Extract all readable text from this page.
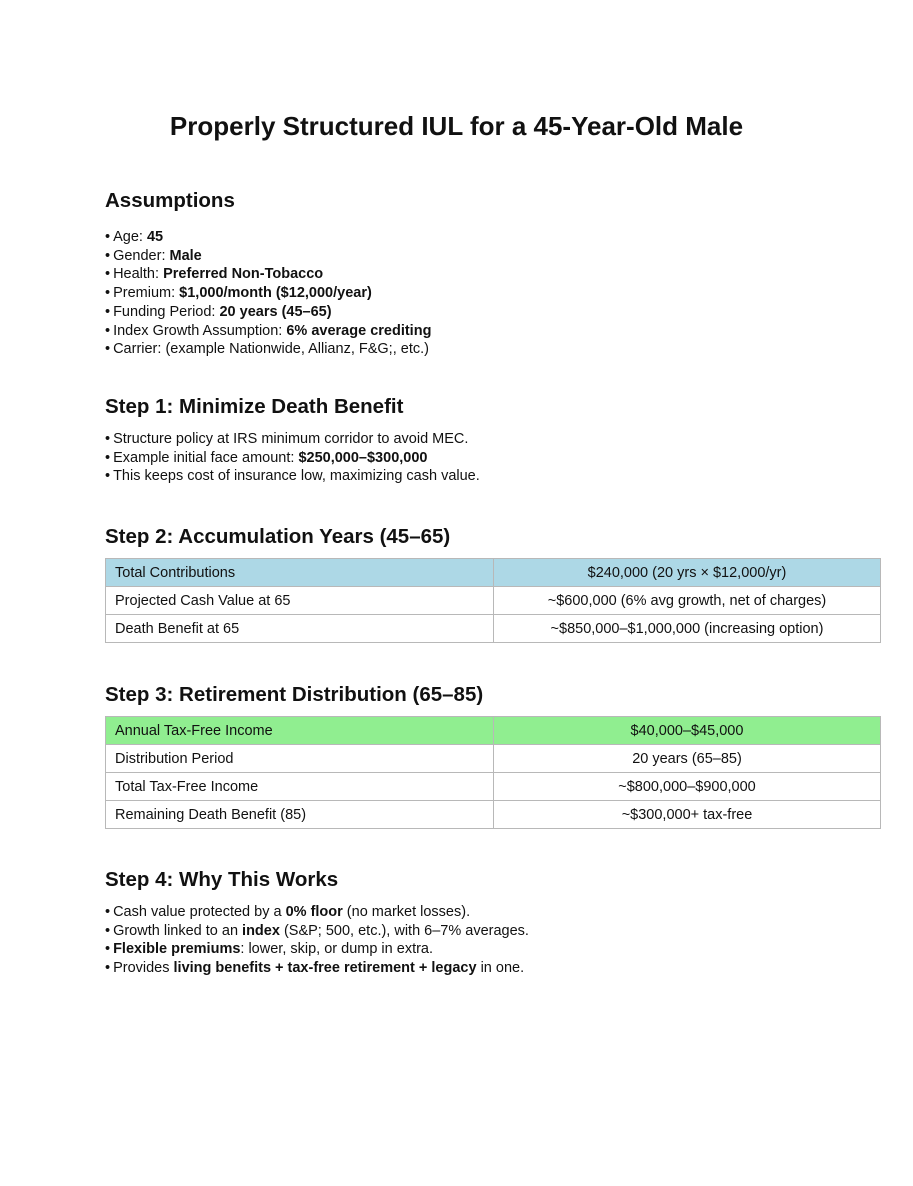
Properly Structured IUL for a 45-Year-Old Male
Assumptions
• Age: 45
• Gender: Male
• Health: Preferred Non-Tobacco
• Premium: $1,000/month ($12,000/year)
• Funding Period: 20 years (45–65)
• Index Growth Assumption: 6% average crediting
• Carrier: (example Nationwide, Allianz, F&G;, etc.)
Step 1: Minimize Death Benefit
• Structure policy at IRS minimum corridor to avoid MEC.
• Example initial face amount: $250,000–$300,000
• This keeps cost of insurance low, maximizing cash value.
Step 2: Accumulation Years (45–65)
Total Contributions	$240,000 (20 yrs × $12,000/yr)
Projected Cash Value at 65	~$600,000 (6% avg growth, net of charges)
Death Benefit at 65	~$850,000–$1,000,000 (increasing option)
Step 3: Retirement Distribution (65–85)
Annual Tax-Free Income	$40,000–$45,000
Distribution Period	20 years (65–85)
Total Tax-Free Income	~$800,000–$900,000
Remaining Death Benefit (85)	~$300,000+ tax-free
Step 4: Why This Works
• Cash value protected by a 0% floor (no market losses).
• Growth linked to an index (S&P; 500, etc.), with 6–7% averages.
• Flexible premiums: lower, skip, or dump in extra.
• Provides living benefits + tax-free retirement + legacy in one.
